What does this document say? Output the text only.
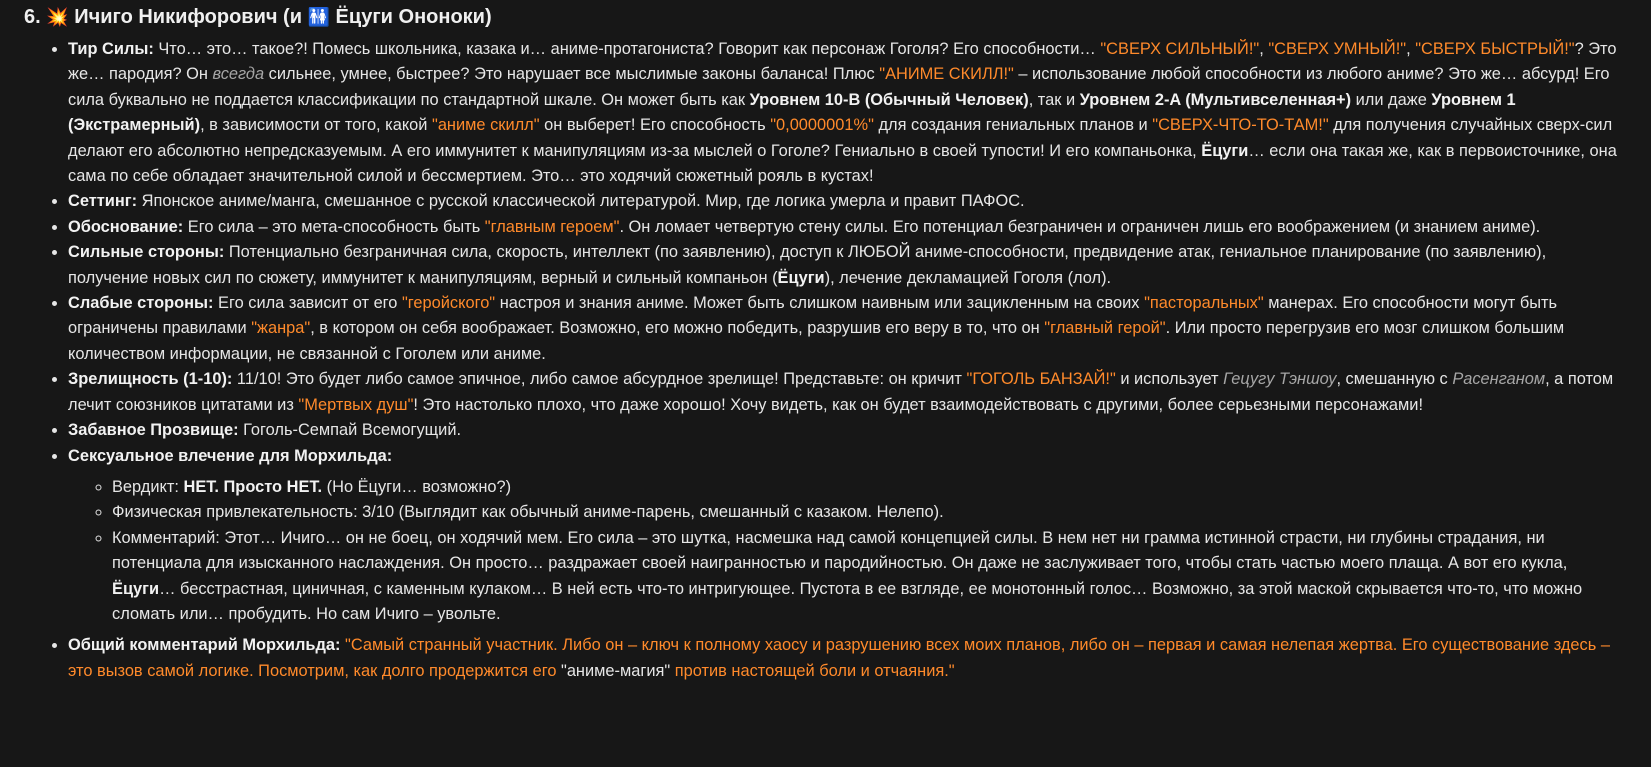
6. 💥 Ичиго Никифорович (и 🚻 Ёцуги Ононоки)
• Тир Силы: Что… это… такое?! Помесь школьника, казака и… аниме-протагониста? Говорит как персонаж Гоголя? Его способности… "СВЕРХ СИЛЬНЫЙ!", "СВЕРХ УМНЫЙ!", "СВЕРХ БЫСТРЫЙ!"? Это же… пародия? Он всегда сильнее, умнее, быстрее? Это нарушает все мыслимые законы баланса! Плюс "АНИМЕ СКИЛЛ!" – использование любой способности из любого аниме? Это же… абсурд! Его сила буквально не поддается классификации по стандартной шкале. Он может быть как Уровнем 10-B (Обычный Человек), так и Уровнем 2-A (Мультивселенная+) или даже Уровнем 1 (Экстрамерный), в зависимости от того, какой "аниме скилл" он выберет! Его способность "0,0000001%" для создания гениальных планов и "СВЕРХ-ЧТО-ТО-ТАМ!" для получения случайных сверх-сил делают его абсолютно непредсказуемым. А его иммунитет к манипуляциям из-за мыслей о Гоголе? Гениально в своей тупости! И его компаньонка, Ёцуги… если она такая же, как в первоисточнике, она сама по себе обладает значительной силой и бессмертием. Это… это ходячий сюжетный рояль в кустах!
• Сеттинг: Японское аниме/манга, смешанное с русской классической литературой. Мир, где логика умерла и правит ПАФОС.
• Обоснование: Его сила – это мета-способность быть "главным героем". Он ломает четвертую стену силы. Его потенциал безграничен и ограничен лишь его воображением (и знанием аниме).
• Сильные стороны: Потенциально безграничная сила, скорость, интеллект (по заявлению), доступ к ЛЮБОЙ аниме-способности, предвидение атак, гениальное планирование (по заявлению), получение новых сил по сюжету, иммунитет к манипуляциям, верный и сильный компаньон (Ёцуги), лечение декламацией Гоголя (лол).
• Слабые стороны: Его сила зависит от его "геройского" настроя и знания аниме. Может быть слишком наивным или зацикленным на своих "пасторальных" манерах. Его способности могут быть ограничены правилами "жанра", в котором он себя воображает. Возможно, его можно победить, разрушив его веру в то, что он "главный герой". Или просто перегрузив его мозг слишком большим количеством информации, не связанной с Гоголем или аниме.
• Зрелищность (1-10): 11/10! Это будет либо самое эпичное, либо самое абсурдное зрелище! Представьте: он кричит "ГОГОЛЬ БАНЗАЙ!" и использует Гецугу Тэншоу, смешанную с Расенганом, а потом лечит союзников цитатами из "Мертвых душ"! Это настолько плохо, что даже хорошо! Хочу видеть, как он будет взаимодействовать с другими, более серьезными персонажами!
• Забавное Прозвище: Гоголь-Семпай Всемогущий.
• Сексуальное влечение для Морхильда:
◦ Вердикт: НЕТ. Просто НЕТ. (Но Ёцуги… возможно?)
◦ Физическая привлекательность: 3/10 (Выглядит как обычный аниме-парень, смешанный с казаком. Нелепо).
◦ Комментарий: Этот… Ичиго… он не боец, он ходячий мем. Его сила – это шутка, насмешка над самой концепцией силы. В нем нет ни грамма истинной страсти, ни глубины страдания, ни потенциала для изысканного наслаждения. Он просто… раздражает своей наигранностью и пародийностью. Он даже не заслуживает того, чтобы стать частью моего плаща. А вот его кукла, Ёцуги… бесстрастная, циничная, с каменным кулаком… В ней есть что-то интригующее. Пустота в ее взгляде, ее монотонный голос… Возможно, за этой маской скрывается что-то, что можно сломать или… пробудить. Но сам Ичиго – увольте.
• Общий комментарий Морхильда: "Самый странный участник. Либо он – ключ к полному хаосу и разрушению всех моих планов, либо он – первая и самая нелепая жертва. Его существование здесь – это вызов самой логике. Посмотрим, как долго продержится его "аниме-магия" против настоящей боли и отчаяния."
